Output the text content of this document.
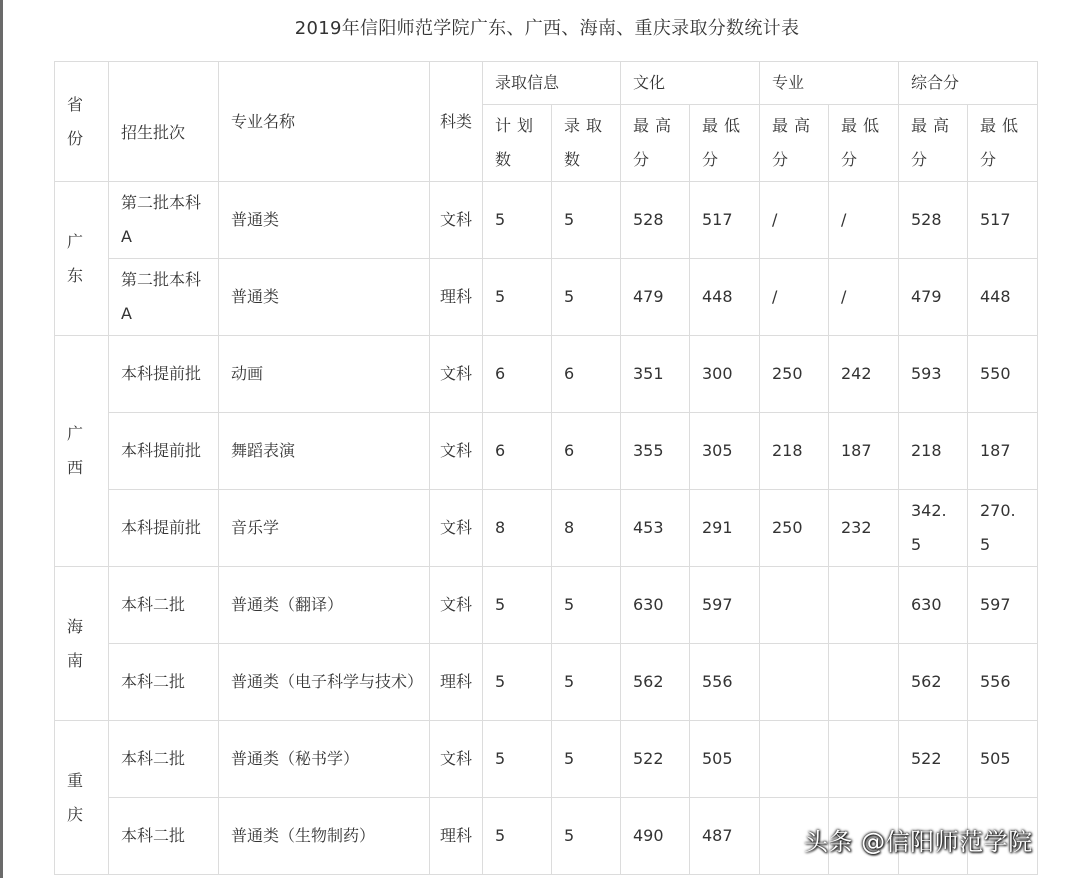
2019年信阳师范学院广东、广西、海南、重庆录取分数统计表
省份	招生批次	专业名称	科类	录取信息		文化		专业		综合分	
				计划数	录取数	最高分	最低分	最高分	最低分	最高分	最低分
广东	第二批本科A	普通类	文科	5	5	528	517	/	/	528	517
	第二批本科A	普通类	理科	5	5	479	448	/	/	479	448
广西	本科提前批	动画	文科	6	6	351	300	250	242	593	550
	本科提前批	舞蹈表演	文科	6	6	355	305	218	187	218	187
	本科提前批	音乐学	文科	8	8	453	291	250	232	342.5	270.5
海南	本科二批	普通类（翻译）	文科	5	5	630	597			630	597
	本科二批	普通类（电子科学与技术）	理科	5	5	562	556			562	556
重庆	本科二批	普通类（秘书学）	文科	5	5	522	505			522	505
	本科二批	普通类（生物制药）	理科	5	5	490	487					头条 @信阳师范学院
